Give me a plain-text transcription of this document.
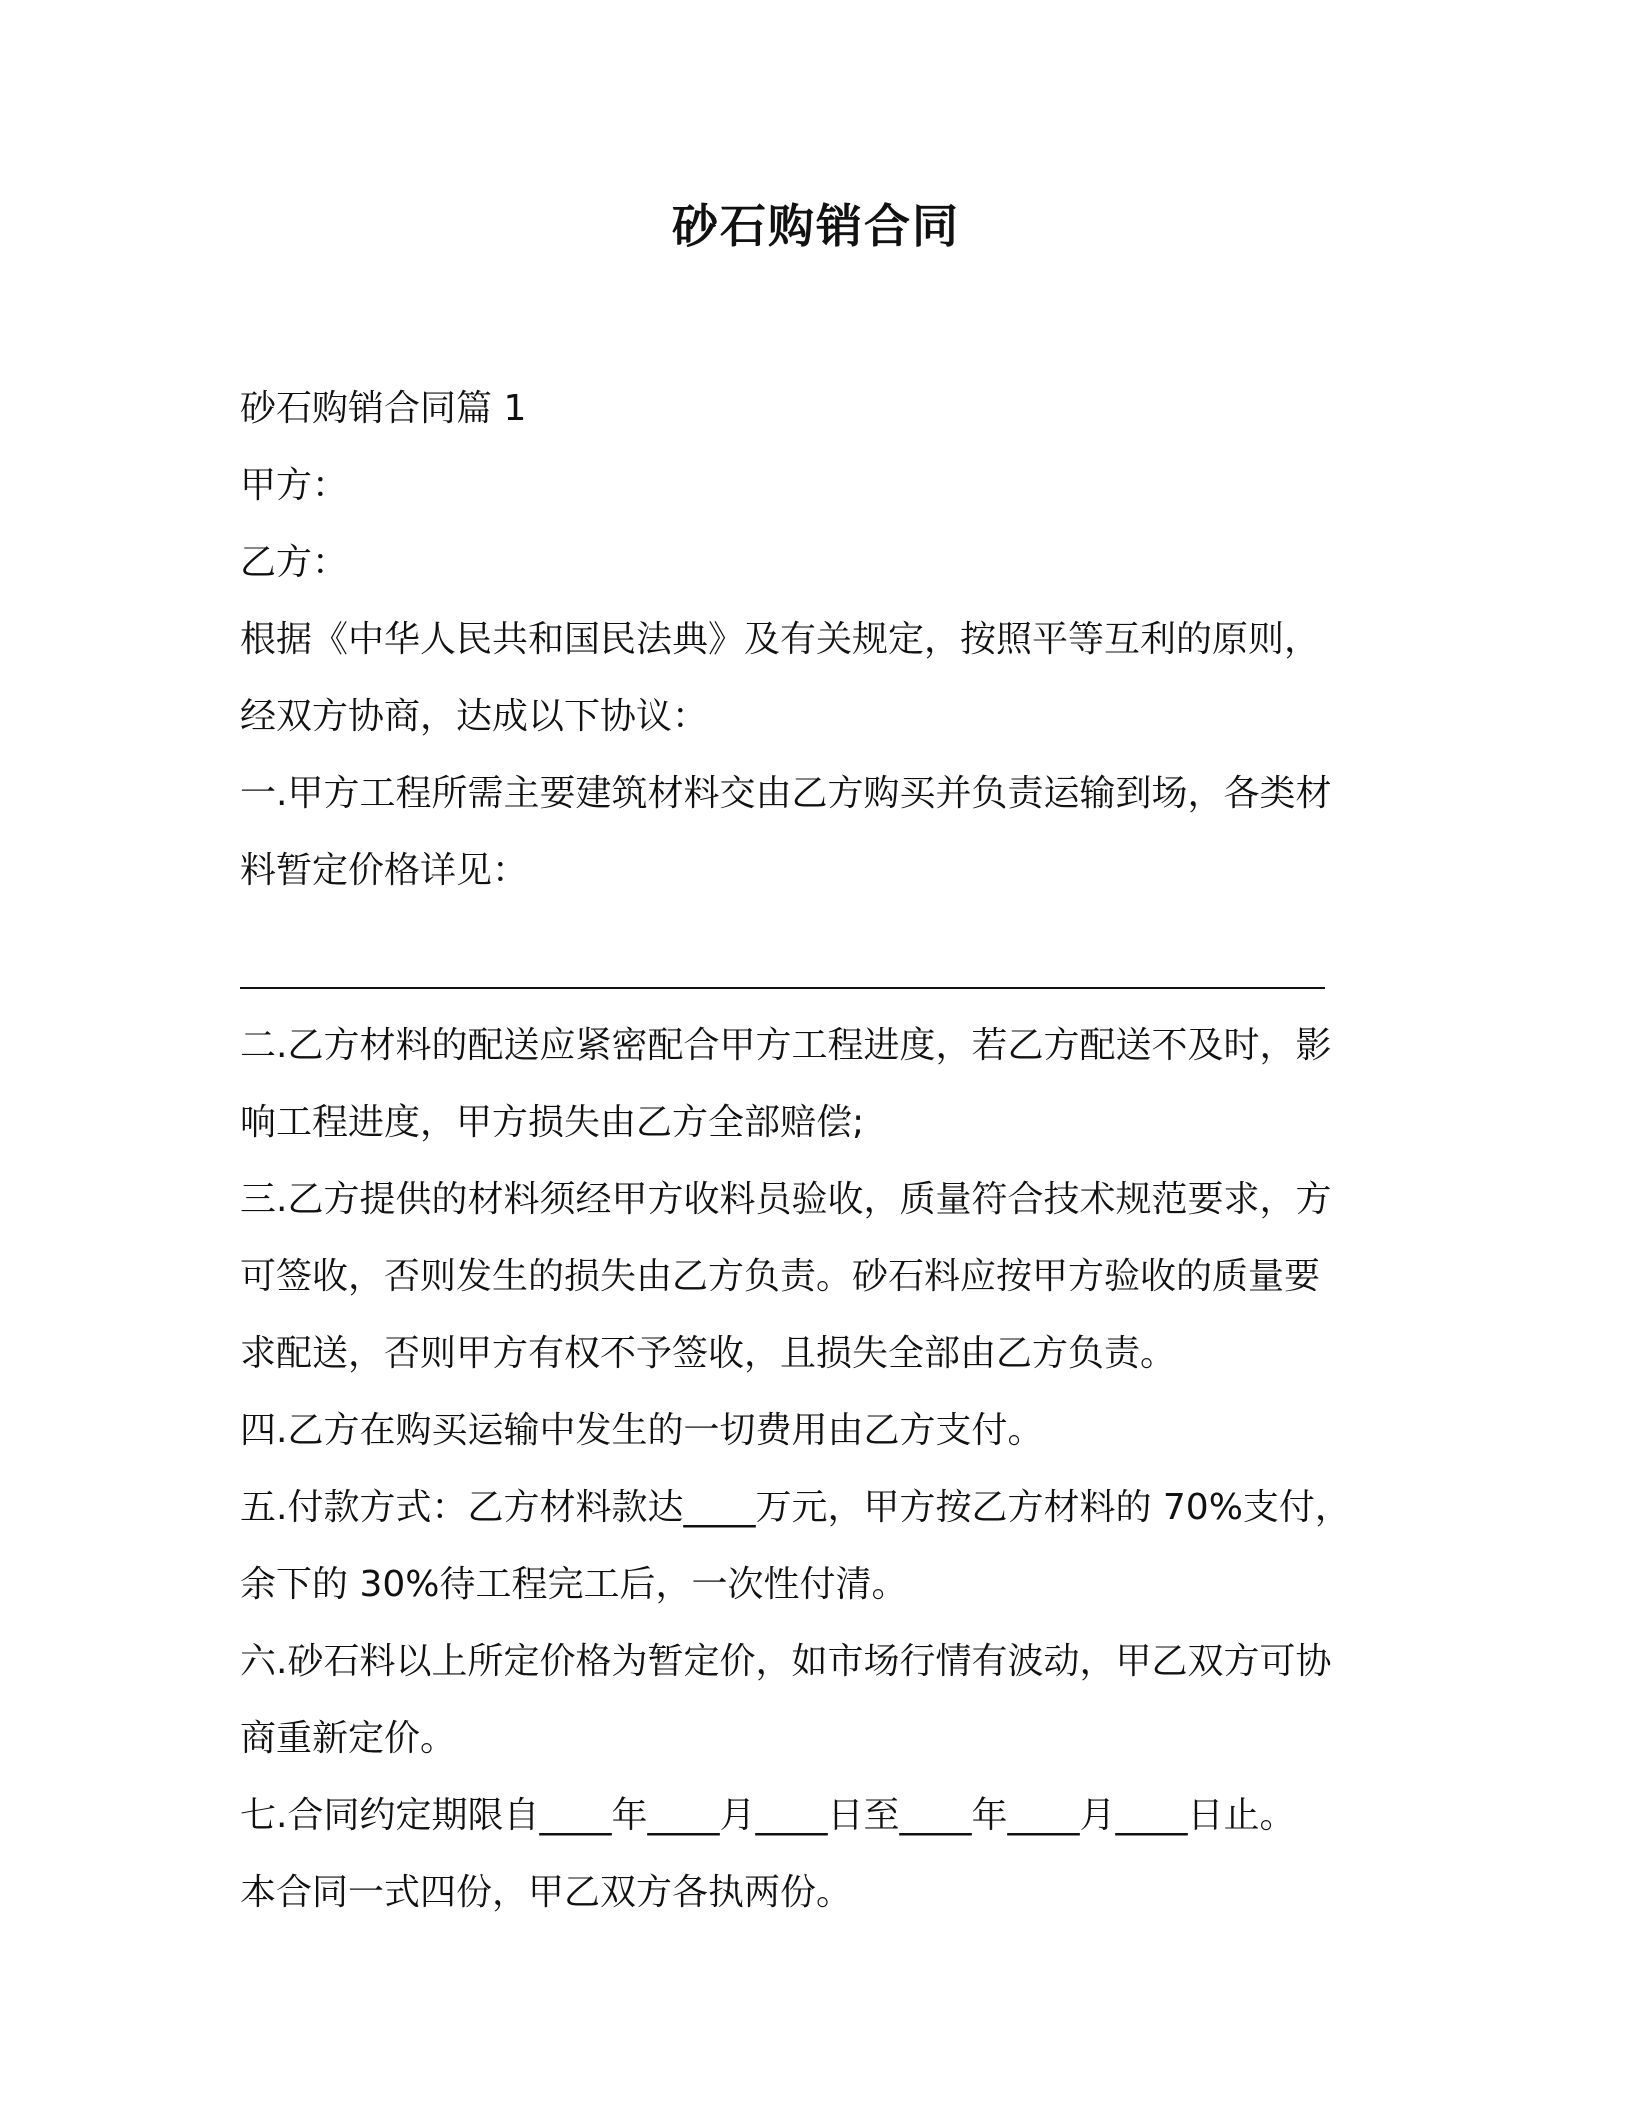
砂石购销合同
砂石购销合同篇 1
甲方：
乙方：
根据《中华人民共和国民法典》及有关规定，按照平等互利的原则，
经双方协商，达成以下协议：
一.甲方工程所需主要建筑材料交由乙方购买并负责运输到场，各类材
料暂定价格详见：
二.乙方材料的配送应紧密配合甲方工程进度，若乙方配送不及时，影
响工程进度，甲方损失由乙方全部赔偿;
三.乙方提供的材料须经甲方收料员验收，质量符合技术规范要求，方
可签收，否则发生的损失由乙方负责。砂石料应按甲方验收的质量要
求配送，否则甲方有权不予签收，且损失全部由乙方负责。
四.乙方在购买运输中发生的一切费用由乙方支付。
五.付款方式：乙方材料款达____万元，甲方按乙方材料的 70%支付，
余下的 30%待工程完工后，一次性付清。
六.砂石料以上所定价格为暂定价，如市场行情有波动，甲乙双方可协
商重新定价。
七.合同约定期限自____年____月____日至____年____月____日止。
本合同一式四份，甲乙双方各执两份。
